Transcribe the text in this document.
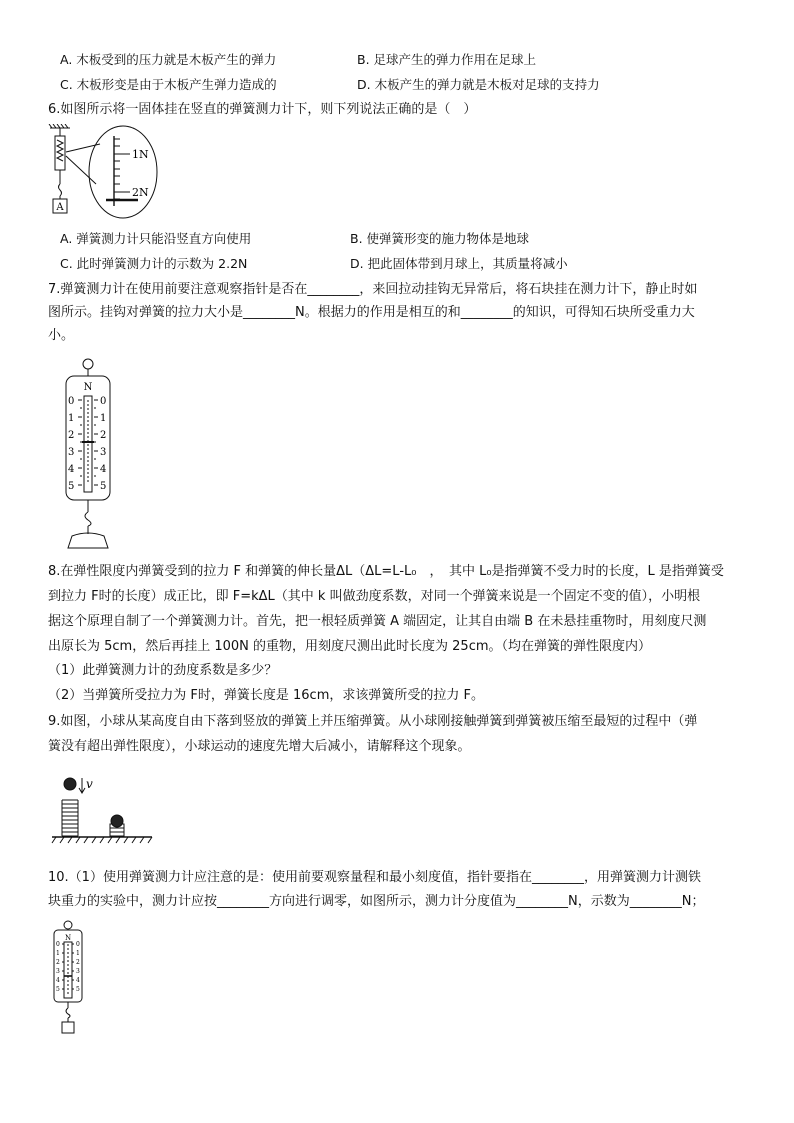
A. 木板受到的压力就是木板产生的弹力	B. 足球产生的弹力作用在足球上
C. 木板形变是由于木板产生弹力造成的	D. 木板产生的弹力就是木板对足球的支持力
6.如图所示将一固体挂在竖直的弹簧测力计下，则下列说法正确的是（　）
A
1N
2N
A. 弹簧测力计只能沿竖直方向使用	B. 使弹簧形变的施力物体是地球
C. 此时弹簧测力计的示数为 2.2N	D. 把此固体带到月球上，其质量将减小
7.弹簧测力计在使用前要注意观察指针是否在________，来回拉动挂钩无异常后，将石块挂在测力计下，静止时如
图所示。挂钩对弹簧的拉力大小是________N。根据力的作用是相互的和________的知识，可得知石块所受重力大
小。
N
0
1
2
3
4
5
0
1
2
3
4
5
8.在弹性限度内弹簧受到的拉力 F 和弹簧的伸长量ΔL（ΔL=L-L₀　，　其中 L₀是指弹簧不受力时的长度，L 是指弹簧受
到拉力 F时的长度）成正比，即 F=kΔL（其中 k 叫做劲度系数，对同一个弹簧来说是一个固定不变的值），小明根
据这个原理自制了一个弹簧测力计。首先，把一根轻质弹簧 A 端固定，让其自由端 B 在未悬挂重物时，用刻度尺测
出原长为 5cm，然后再挂上 100N 的重物，用刻度尺测出此时长度为 25cm。（均在弹簧的弹性限度内）
（1）此弹簧测力计的劲度系数是多少？
（2）当弹簧所受拉力为 F时，弹簧长度是 16cm，求该弹簧所受的拉力 F。
9.如图，小球从某高度自由下落到竖放的弹簧上并压缩弹簧。从小球刚接触弹簧到弹簧被压缩至最短的过程中（弹
簧没有超出弹性限度），小球运动的速度先增大后减小，请解释这个现象。
v
10.（1）使用弹簧测力计应注意的是：使用前要观察量程和最小刻度值，指针要指在________，用弹簧测力计测铁
块重力的实验中，测力计应按________方向进行调零，如图所示，测力计分度值为________N，示数为________N；
N
0
1
2
3
4
5
0
1
2
3
4
5
